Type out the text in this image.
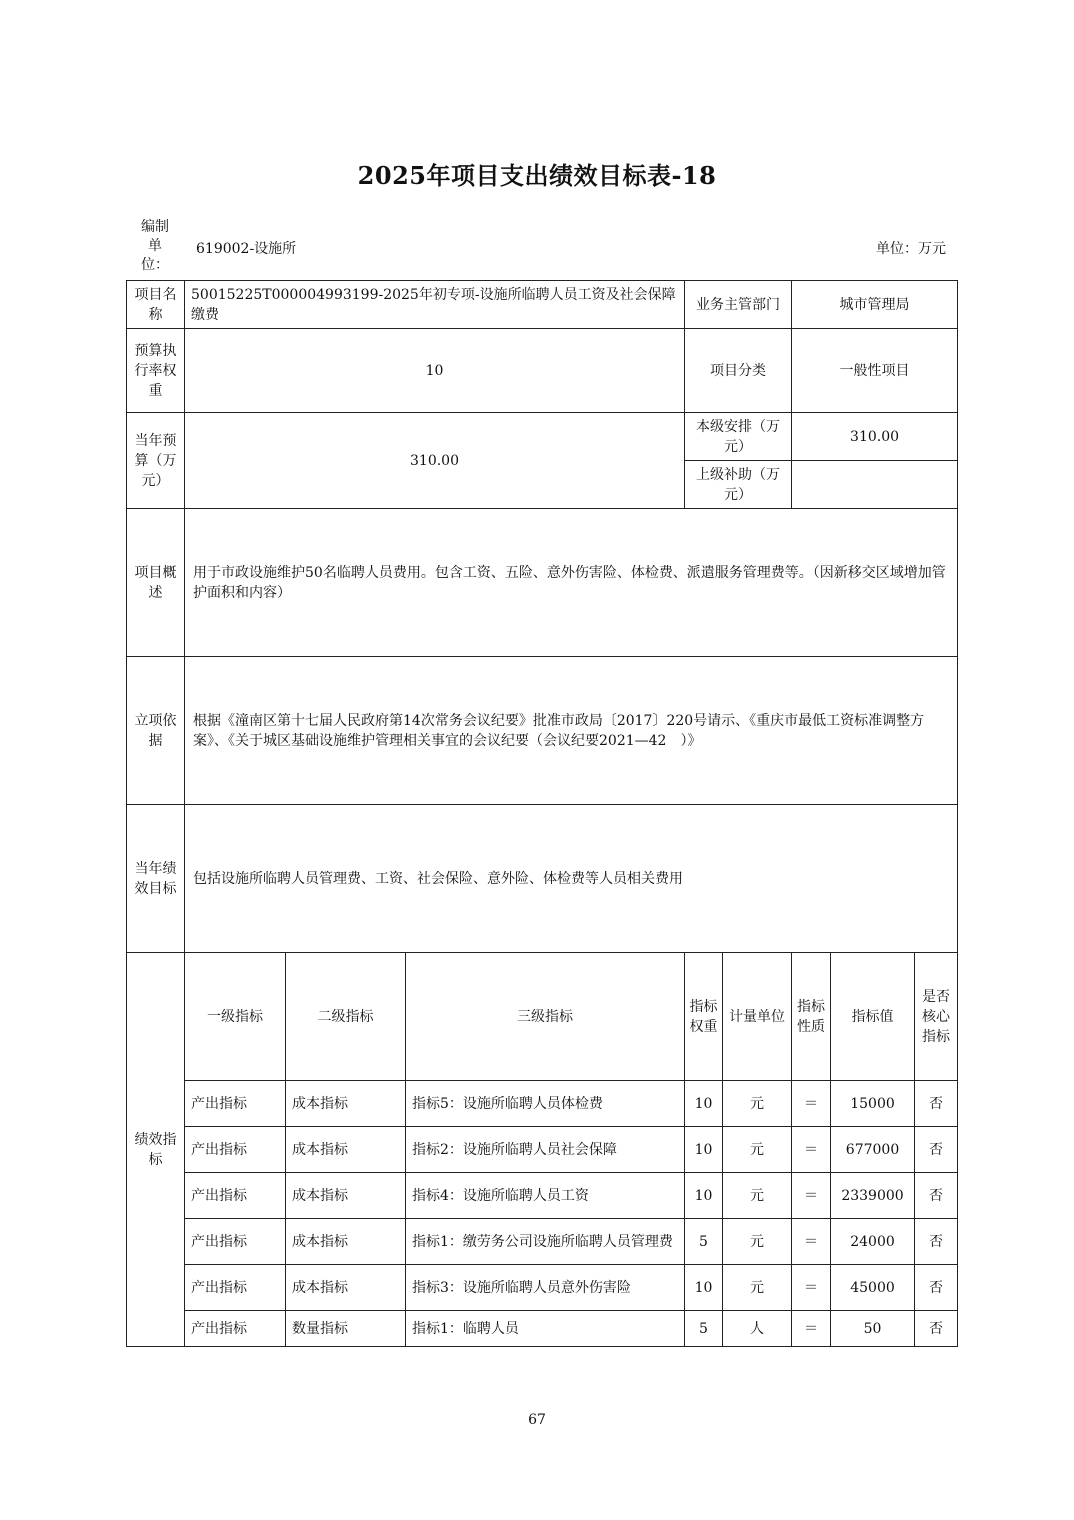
2025年项目支出绩效目标表-18
编制单位：
619002-设施所	单位：万元
项目名称	50015225T000004993199-2025年初专项-设施所临聘人员工资及社会保障缴费			业务主管部门		城市管理局		
预算执行率权重	10			项目分类		一般性项目		
当年预算（万元）	310.00			本级安排（万元）		310.00		
				上级补助（万元）				
项目概述	用于市政设施维护50名临聘人员费用。包含工资、五险、意外伤害险、体检费、派遣服务管理费等。（因新移交区域增加管护面积和内容）							
立项依据	根据《潼南区第十七届人民政府第14次常务会议纪要》批准市政局〔2017〕220号请示、《重庆市最低工资标准调整方案》、《关于城区基础设施维护管理相关事宜的会议纪要（会议纪要2021—42　）》							
当年绩效目标	包括设施所临聘人员管理费、工资、社会保险、意外险、体检费等人员相关费用							
绩效指标	一级指标	二级指标	三级指标	指标权重	计量单位	指标性质	指标值	是否核心指标
	产出指标	成本指标	指标5：设施所临聘人员体检费	10	元	＝	15000	否
	产出指标	成本指标	指标2：设施所临聘人员社会保障	10	元	＝	677000	否
	产出指标	成本指标	指标4：设施所临聘人员工资	10	元	＝	2339000	否
	产出指标	成本指标	指标1：缴劳务公司设施所临聘人员管理费	5	元	＝	24000	否
	产出指标	成本指标	指标3：设施所临聘人员意外伤害险	10	元	＝	45000	否
	产出指标	数量指标	指标1：临聘人员	5	人	＝	50	否
67
